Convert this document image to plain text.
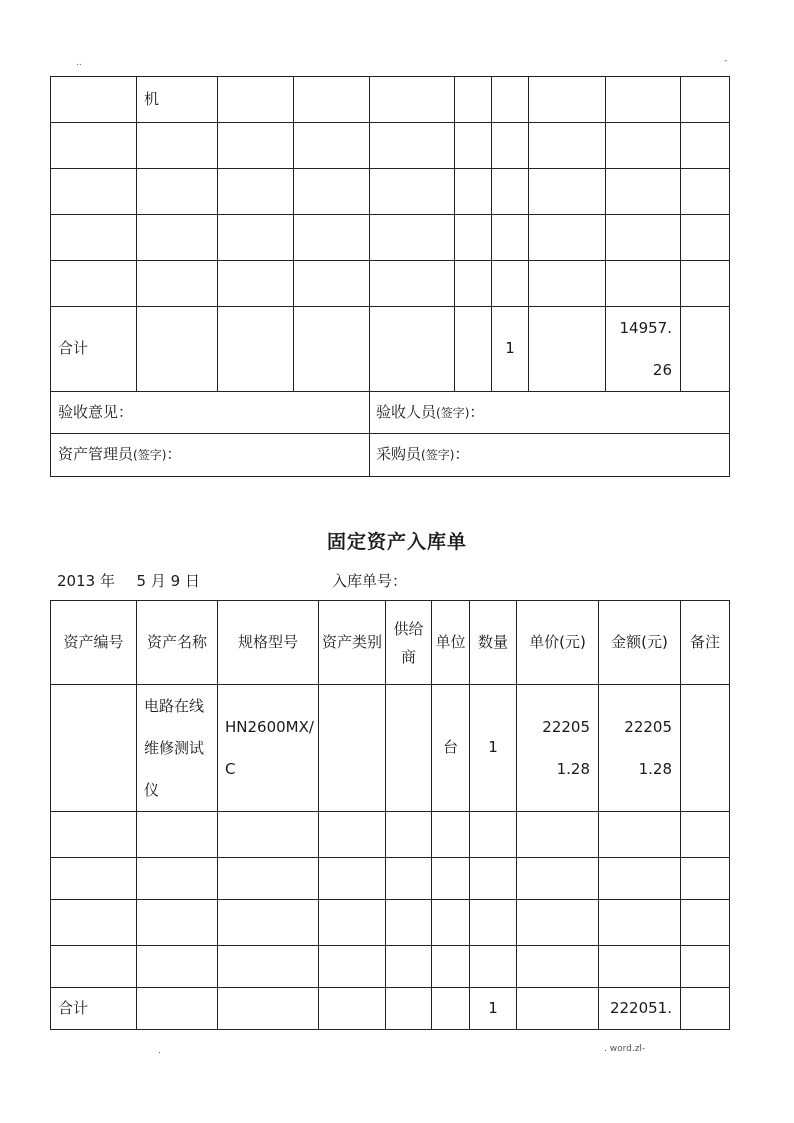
..	-
	机								

合计						1		14957.26	
验收意见：				验收人员(签字)：					
资产管理员(签字)：				采购员(签字)：					
固定资产入库单
2013 年 5 月 9 日	入库单号：
资产编号	资产名称	规格型号	资产类别	供给商	单位	数量	单价(元)	金额(元)	备注
	电路在线维修测试仪	HN2600MX/C			台	1	222051.28	222051.28	

合计						1		222051.	
.	. word.zl-
